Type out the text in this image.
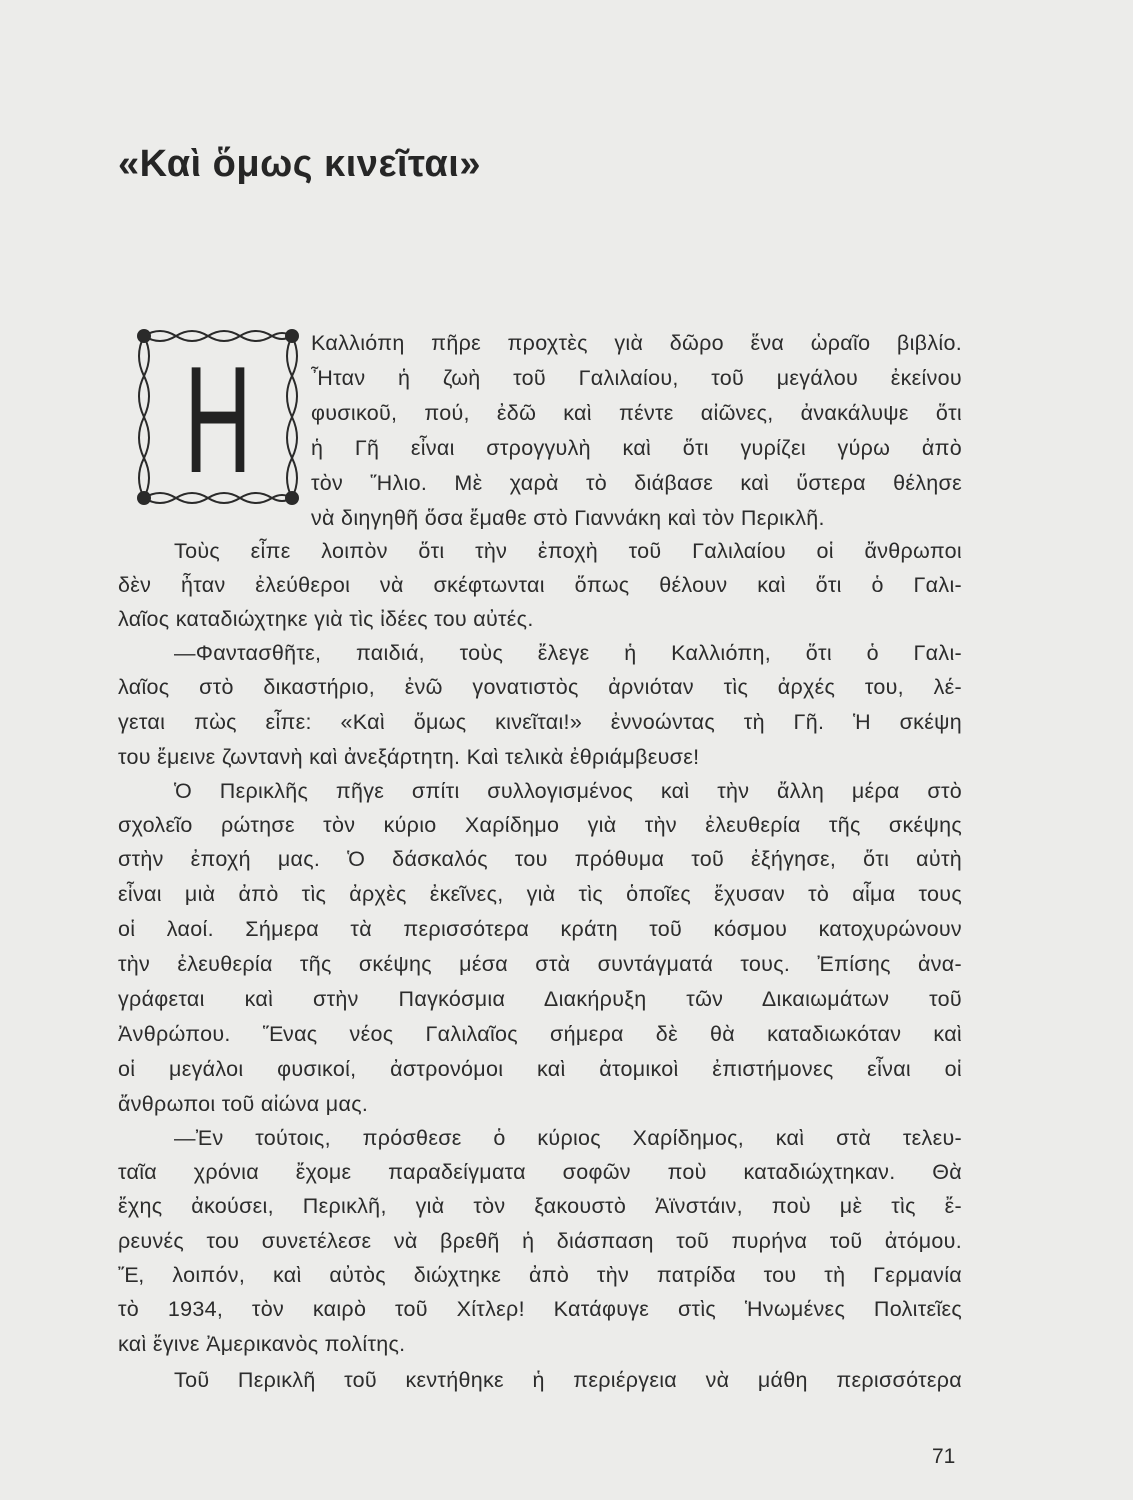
«Καὶ ὅμως κινεῖται»
Η	Καλλιόπη πῆρε προχτὲς γιὰ δῶρο ἕνα ὡραῖο βιβλίο.
Ἦταν ἡ ζωὴ τοῦ Γαλιλαίου, τοῦ μεγάλου ἐκείνου
φυσικοῦ, πού, ἐδῶ καὶ πέντε αἰῶνες, ἀνακάλυψε ὅτι
ἡ Γῆ εἶναι στρογγυλὴ καὶ ὅτι γυρίζει γύρω ἀπὸ
τὸν Ἥλιο. Μὲ χαρὰ τὸ διάβασε καὶ ὕστερα θέλησε
νὰ διηγηθῆ ὅσα ἔμαθε στὸ Γιαννάκη καὶ τὸν Περικλῆ.
Τοὺς εἶπε λοιπὸν ὅτι τὴν ἐποχὴ τοῦ Γαλιλαίου οἱ ἄνθρωποι
δὲν ἦταν ἐλεύθεροι νὰ σκέφτωνται ὅπως θέλουν καὶ ὅτι ὁ Γαλι-
λαῖος καταδιώχτηκε γιὰ τὶς ἰδέες του αὐτές.
—Φαντασθῆτε, παιδιά, τοὺς ἔλεγε ἡ Καλλιόπη, ὅτι ὁ Γαλι-
λαῖος στὸ δικαστήριο, ἐνῶ γονατιστὸς ἀρνιόταν τὶς ἀρχές του, λέ-
γεται πὼς εἶπε: «Καὶ ὅμως κινεῖται!» ἐννοώντας τὴ Γῆ. Ἡ σκέψη
του ἔμεινε ζωντανὴ καὶ ἀνεξάρτητη. Καὶ τελικὰ ἐθριάμβευσε!
Ὁ Περικλῆς πῆγε σπίτι συλλογισμένος καὶ τὴν ἄλλη μέρα στὸ
σχολεῖο ρώτησε τὸν κύριο Χαρίδημο γιὰ τὴν ἐλευθερία τῆς σκέψης
στὴν ἐποχή μας. Ὁ δάσκαλός του πρόθυμα τοῦ ἐξήγησε, ὅτι αὐτὴ
εἶναι μιὰ ἀπὸ τὶς ἀρχὲς ἐκεῖνες, γιὰ τὶς ὁποῖες ἔχυσαν τὸ αἷμα τους
οἱ λαοί. Σήμερα τὰ περισσότερα κράτη τοῦ κόσμου κατοχυρώνουν
τὴν ἐλευθερία τῆς σκέψης μέσα στὰ συντάγματά τους. Ἐπίσης ἀνα-
γράφεται καὶ στὴν Παγκόσμια Διακήρυξη τῶν Δικαιωμάτων τοῦ
Ἀνθρώπου. Ἕνας νέος Γαλιλαῖος σήμερα δὲ θὰ καταδιωκόταν καὶ
οἱ μεγάλοι φυσικοί, ἀστρονόμοι καὶ ἀτομικοὶ ἐπιστήμονες εἶναι οἱ
ἄνθρωποι τοῦ αἰώνα μας.
—Ἐν τούτοις, πρόσθεσε ὁ κύριος Χαρίδημος, καὶ στὰ τελευ-
ταῖα χρόνια ἔχομε παραδείγματα σοφῶν ποὺ καταδιώχτηκαν. Θὰ
ἔχης ἀκούσει, Περικλῆ, γιὰ τὸν ξακουστὸ Ἀϊνστάιν, ποὺ μὲ τὶς ἔ-
ρευνές του συνετέλεσε νὰ βρεθῆ ἡ διάσπαση τοῦ πυρήνα τοῦ ἀτόμου.
Ἔ, λοιπόν, καὶ αὐτὸς διώχτηκε ἀπὸ τὴν πατρίδα του τὴ Γερμανία
τὸ 1934, τὸν καιρὸ τοῦ Χίτλερ! Κατάφυγε στὶς Ἡνωμένες Πολιτεῖες
καὶ ἔγινε Ἀμερικανὸς πολίτης.
Τοῦ Περικλῆ τοῦ κεντήθηκε ἡ περιέργεια νὰ μάθη περισσότερα
71
